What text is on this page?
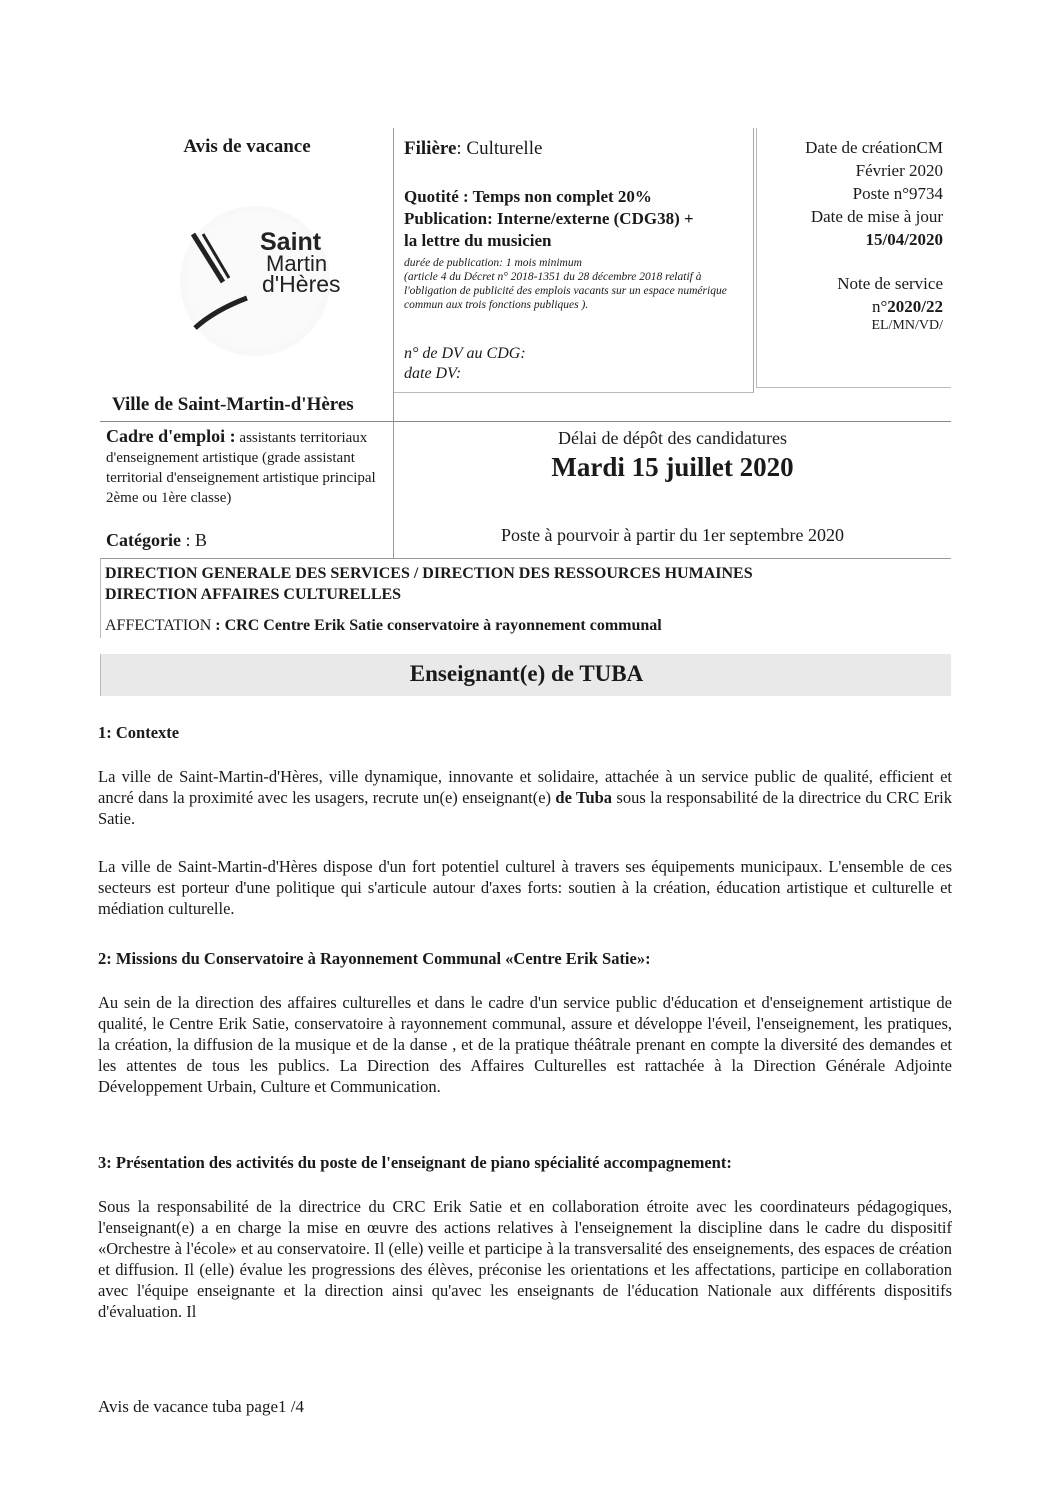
Avis de vacance
Saint
Martin
d'Hères
Ville de Saint-Martin-d'Hères
Filière: Culturelle
Quotité : Temps non complet 20%
Publication: Interne/externe (CDG38) +
la lettre du musicien
durée de publication: 1 mois minimum
(article 4 du Décret n° 2018-1351 du 28 décembre 2018 relatif à l'obligation de publicité des emplois vacants sur un espace numérique commun aux trois fonctions publiques ).
n° de DV au CDG:
date DV:
Date de créationCM
Février 2020
Poste n°9734
Date de mise à jour
15/04/2020
Note de service
n°2020/22
EL/MN/VD/
Cadre d'emploi : assistants territoriaux d'enseignement artistique (grade assistant territorial d'enseignement artistique principal 2ème ou 1ère classe)
Catégorie : B
Délai de dépôt des candidatures
Mardi 15 juillet 2020
Poste à pourvoir à partir du 1er septembre 2020
DIRECTION GENERALE DES SERVICES / DIRECTION DES RESSOURCES HUMAINES
DIRECTION AFFAIRES CULTURELLES
AFFECTATION : CRC Centre Erik Satie conservatoire à rayonnement communal
Enseignant(e) de TUBA
1: Contexte
La ville de Saint-Martin-d'Hères, ville dynamique, innovante et solidaire, attachée à un service public de qualité, efficient et ancré dans la proximité avec les usagers, recrute un(e) enseignant(e) de Tuba sous la responsabilité de la directrice du CRC Erik Satie.
La ville de Saint-Martin-d'Hères dispose d'un fort potentiel culturel à travers ses équipements municipaux. L'ensemble de ces secteurs est porteur d'une politique qui s'articule autour d'axes forts: soutien à la création, éducation artistique et culturelle et médiation culturelle.
2: Missions du Conservatoire à Rayonnement Communal «Centre Erik Satie»:
Au sein de la direction des affaires culturelles et dans le cadre d'un service public d'éducation et d'enseignement artistique de qualité, le Centre Erik Satie, conservatoire à rayonnement communal, assure et développe l'éveil, l'enseignement, les pratiques, la création, la diffusion de la musique et de la danse , et de la pratique théâtrale prenant en compte la diversité des demandes et les attentes de tous les publics. La Direction des Affaires Culturelles est rattachée à la Direction Générale Adjointe Développement Urbain, Culture et Communication.
3: Présentation des activités du poste de l'enseignant de piano spécialité accompagnement:
Sous la responsabilité de la directrice du CRC Erik Satie et en collaboration étroite avec les coordinateurs pédagogiques, l'enseignant(e) a en charge la mise en œuvre des actions relatives à l'enseignement la discipline dans le cadre du dispositif «Orchestre à l'école» et au conservatoire. Il (elle) veille et participe à la transversalité des enseignements, des espaces de création et diffusion. Il (elle) évalue les progressions des élèves, préconise les orientations et les affectations, participe en collaboration avec l'équipe enseignante et la direction ainsi qu'avec les enseignants de l'éducation Nationale aux différents dispositifs d'évaluation. Il
Avis de vacance tuba page1 /4
